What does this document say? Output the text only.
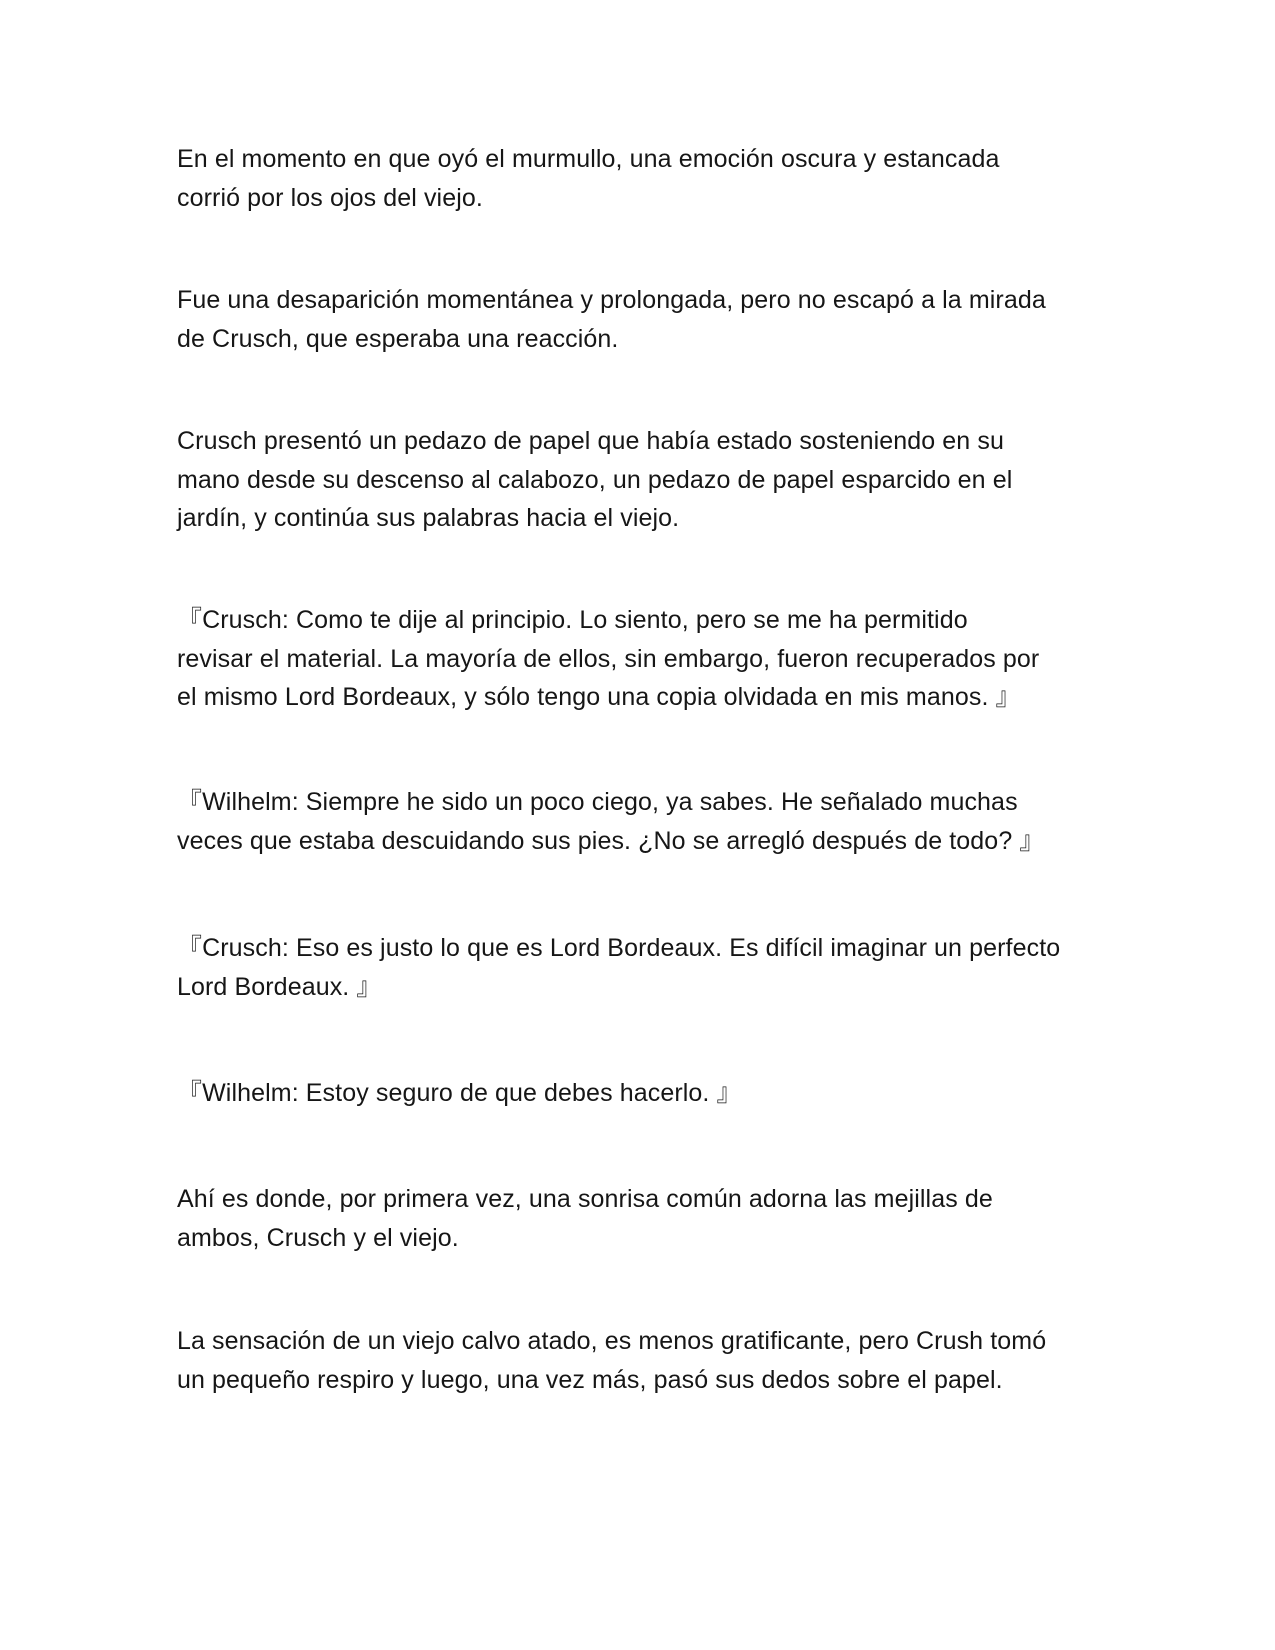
En el momento en que oyó el murmullo, una emoción oscura y estancada
corrió por los ojos del viejo.

Fue una desaparición momentánea y prolongada, pero no escapó a la mirada
de Crusch, que esperaba una reacción.

Crusch presentó un pedazo de papel que había estado sosteniendo en su
mano desde su descenso al calabozo, un pedazo de papel esparcido en el
jardín, y continúa sus palabras hacia el viejo.

『Crusch: Como te dije al principio. Lo siento, pero se me ha permitido
revisar el material. La mayoría de ellos, sin embargo, fueron recuperados por
el mismo Lord Bordeaux, y sólo tengo una copia olvidada en mis manos. 』

『Wilhelm: Siempre he sido un poco ciego, ya sabes. He señalado muchas
veces que estaba descuidando sus pies. ¿No se arregló después de todo? 』

『Crusch: Eso es justo lo que es Lord Bordeaux. Es difícil imaginar un perfecto
Lord Bordeaux. 』

『Wilhelm: Estoy seguro de que debes hacerlo. 』

Ahí es donde, por primera vez, una sonrisa común adorna las mejillas de
ambos, Crusch y el viejo.

La sensación de un viejo calvo atado, es menos gratificante, pero Crush tomó
un pequeño respiro y luego, una vez más, pasó sus dedos sobre el papel.
